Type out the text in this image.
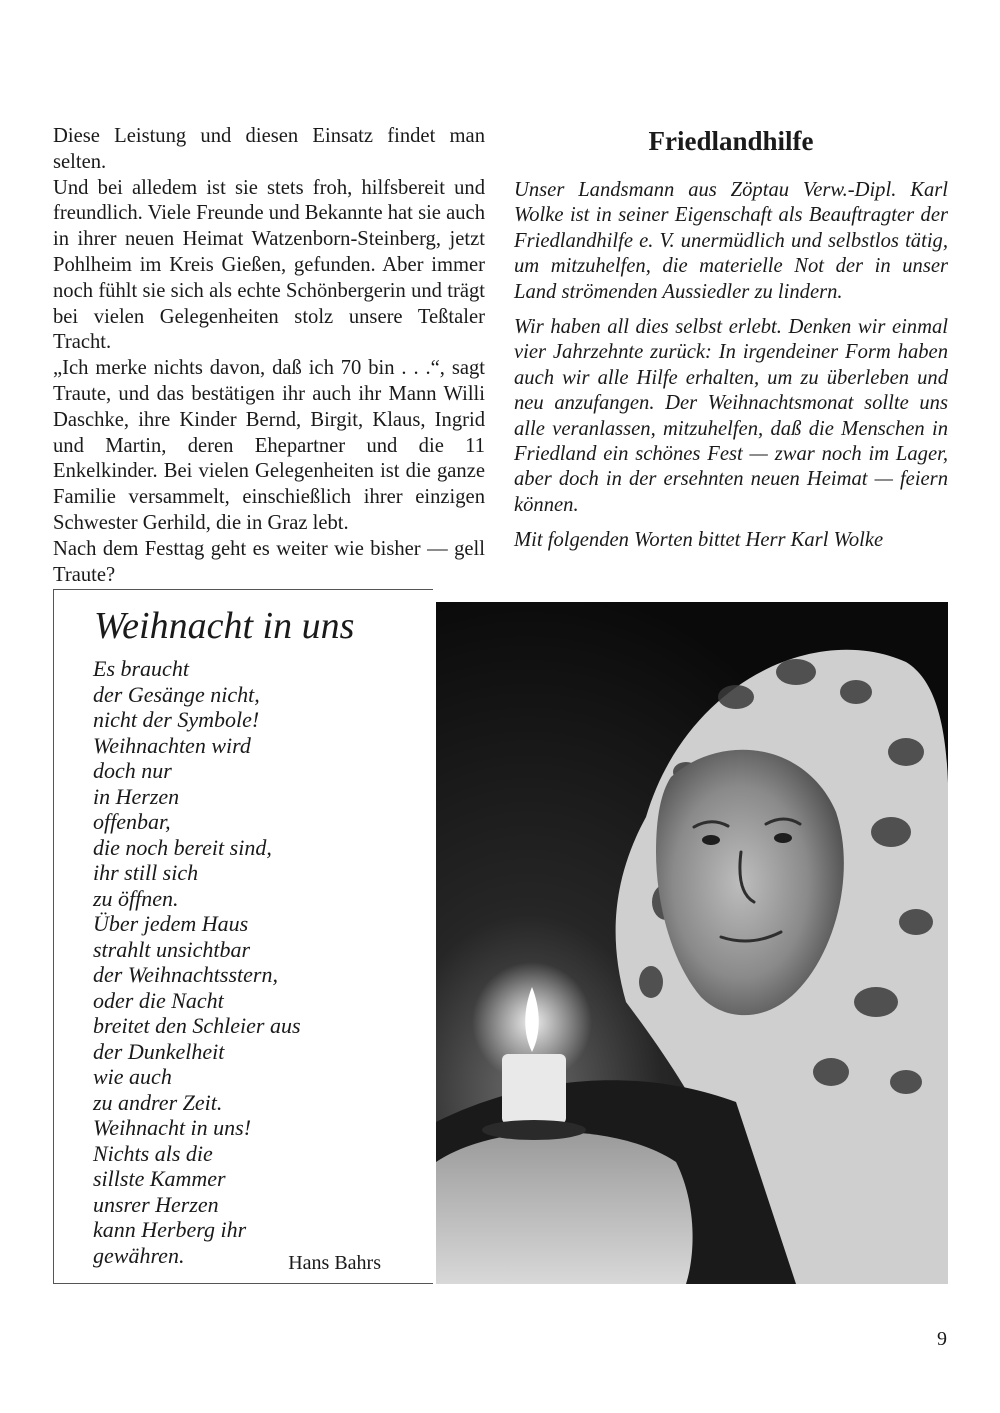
Diese Leistung und diesen Einsatz findet man selten.

Und bei alledem ist sie stets froh, hilfsbereit und freundlich. Viele Freunde und Bekannte hat sie auch in ihrer neuen Heimat Watzenborn-Steinberg, jetzt Pohlheim im Kreis Gießen, gefunden. Aber immer noch fühlt sie sich als echte Schönbergerin und trägt bei vielen Gelegenheiten stolz unsere Teßtaler Tracht.

„Ich merke nichts davon, daß ich 70 bin . . .“, sagt Traute, und das bestätigen ihr auch ihr Mann Willi Daschke, ihre Kinder Bernd, Birgit, Klaus, Ingrid und Martin, deren Ehepartner und die 11 Enkelkinder. Bei vielen Gelegenheiten ist die ganze Familie versammelt, einschießlich ihrer einzigen Schwester Gerhild, die in Graz lebt.

Nach dem Festtag geht es weiter wie bisher — gell Traute?

Friedlandhilfe

Unser Landsmann aus Zöptau Verw.-Dipl. Karl Wolke ist in seiner Eigenschaft als Beauftragter der Friedlandhilfe e. V. unermüdlich und selbstlos tätig, um mitzuhelfen, die materielle Not der in unser Land strömenden Aussiedler zu lindern.

Wir haben all dies selbst erlebt. Denken wir einmal vier Jahrzehnte zurück: In irgendeiner Form haben auch wir alle Hilfe erhalten, um zu überleben und neu anzufangen. Der Weihnachtsmonat sollte uns alle veranlassen, mitzuhelfen, daß die Menschen in Friedland ein schönes Fest — zwar noch im Lager, aber doch in der ersehnten neuen Heimat — feiern können.

Mit folgenden Worten bittet Herr Karl Wolke

Weihnacht in uns
Es braucht
der Gesänge nicht,
nicht der Symbole!
Weihnachten wird
doch nur
in Herzen
offenbar,
die noch bereit sind,
ihr still sich
zu öffnen.
Über jedem Haus
strahlt unsichtbar
der Weihnachtsstern,
oder die Nacht
breitet den Schleier aus
der Dunkelheit
wie auch
zu andrer Zeit.
Weihnacht in uns!
Nichts als die
sillste Kammer
unsrer Herzen
kann Herberg ihr
gewähren.	Hans Bahrs
9
